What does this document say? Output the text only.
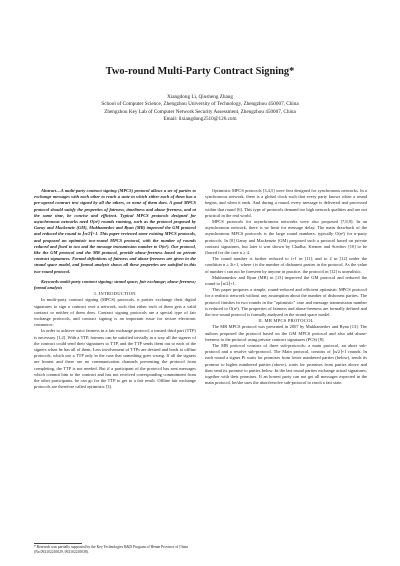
Two-round Multi-Party Contract Signing*
Xiangdong Li, Qiusheng Zhang
School of Computer Science, Zhengzhou University of Technology, Zhengzhou 450007, China
Zhengzhou Key Lab of Computer Network Security Assessment, Zhengzhou 450007, China
Email: lixiangdong2510@126.com

Abstract—A multi-party contract signing (MPCS) protocol allows a set of parties to exchange messages with each other to reach a state in which either each of them has a pre-agreed contract text signed by all the others, or none of them does. A good MPCS protocol should satisfy the properties of fairness, timeliness and abuse-freeness, and at the same time, be concise and efficient. Typical MPCS protocols designed for asynchronous networks need O(n²) rounds running, such as the protocol proposed by Garay and Mackenzie (GM), Mukhamedov and Ryan (MR) improved the GM protocol and reduced the round to ⌈n/2⌉+1. This paper reviewed some existing MPCS protocols, and proposed an optimistic two-round MPCS protocol, with the number of rounds reduced and fixed to two and the message transmission number to O(n²). Our protocol, like the GM protocol and the MR protocol, provide abuse-freeness based on private contract signatures. Formal definitions of fairness and abuse-freeness are given in the strand space model, and formal analysis shows all these properties are satisfied in this two-round protocol.

Keywords-multi-party contract signing; strand space; fair exchange; abuse-freeness; formal analysis

I. INTRODUCTION

In multi-party contract signing (MPCS) protocols, n parties exchange their digital signatures to sign a contract over a network, such that either each of them gets a valid contract or neither of them does. Contract signing protocols are a special type of fair exchange protocols, and contract signing is an important issue for secure electronic commerce.

In order to achieve strict fairness in a fair exchange protocol, a trusted third part (TTP) is necessary [1,2]. With a TTP, fairness can be satisfied trivially in a way all the signers of the contract could send their signatures to TTP, and the TTP sends them out to each of the signers when he has all of them. Less involvement of TTPs are desired and leads to offline protocols, which use a TTP only in the case that something goes wrong. If all the signers are honest and there are no communication channels preventing the protocol from completing, the TTP is not needed. But if a participant of the protocol has sent messages which commit him to the contract and has not received corresponding commitment from the other participants, he can go for the TTP to get to a fair result. Offline fair exchange protocols are therefore called optimistic [3].

* Research was partially supported by the Key Technologies R&D Program of Henan Province of China (No.092102210029, 092102210038).

Optimistic MPCS protocols [3,4,5] were first designed for synchronous networks. In a synchronous network, there is a global clock such that every party knows when a round begins, and when it ends. And during a round, every message is delivered and processed within that round [6]. This type of protocols demand too high network qualities and are not practical in the real world.

MPCS protocols for asynchronous networks were also proposed [7,8,9]. In an asynchronous network, there is no limit for message delay. The main drawback of the asynchronous MPCS protocols is the large round numbers, typically O(n²) for n-party protocols. In [8] Garay and Mackenzie (GM) proposed such a protocol based on private contract signatures, but later it was shown by Chadha, Kremer and Scedrov [10] to be flawed for the case n ≥ 4.

The round number is further reduced to t+1 in [11], and to 2 in [12] under the condition n ≥ 2t+1, where t is the number of dishonest parties in the protocol. As the value of number t can not be foreseen by anyone in practice, the protocol in [12] is unrealistic.

Mukhamedov and Ryan (MR) in [13] improved the GM protocol and reduced the round to ⌈n/2⌉+1.

This paper proposes a simple, round-reduced and efficient optimistic MPCS protocol for a realistic network without any assumption about the number of dishonest parties. The protocol finishes in two rounds in the "optimistic" case and message transmission number is reduced to O(n²). The properties of fairness and abuse-freeness are formally defined and the two-round protocol is formally analyzed in the strand space model.

II. MR MPCS PROTOCOL

The MR MPCS protocol was presented in 2007 by Mukhamedov and Ryan [13]. The authors proposed the protocol based on the GM MPCS protocol and also add abuse-freeness to the protocol using private contract signatures (PCS) [8].

The MR protocol consists of three sub-protocols: a main protocol, an abort sub-protocol and a resolve sub-protocol. The Main protocol, consists of ⌈n/2⌉+1 rounds. In each round a signer Pi waits for promises from lower numbered parties (below), sends its promise to higher numbered parties (above), waits for promises from parties above and then send its promise to parties below. In the last round parties exchange actual signatures, together with their promises. If an honest party can not get all messages expected in the main protocol, he/she uses the abort/resolve sub-protocol to reach a fair state.
